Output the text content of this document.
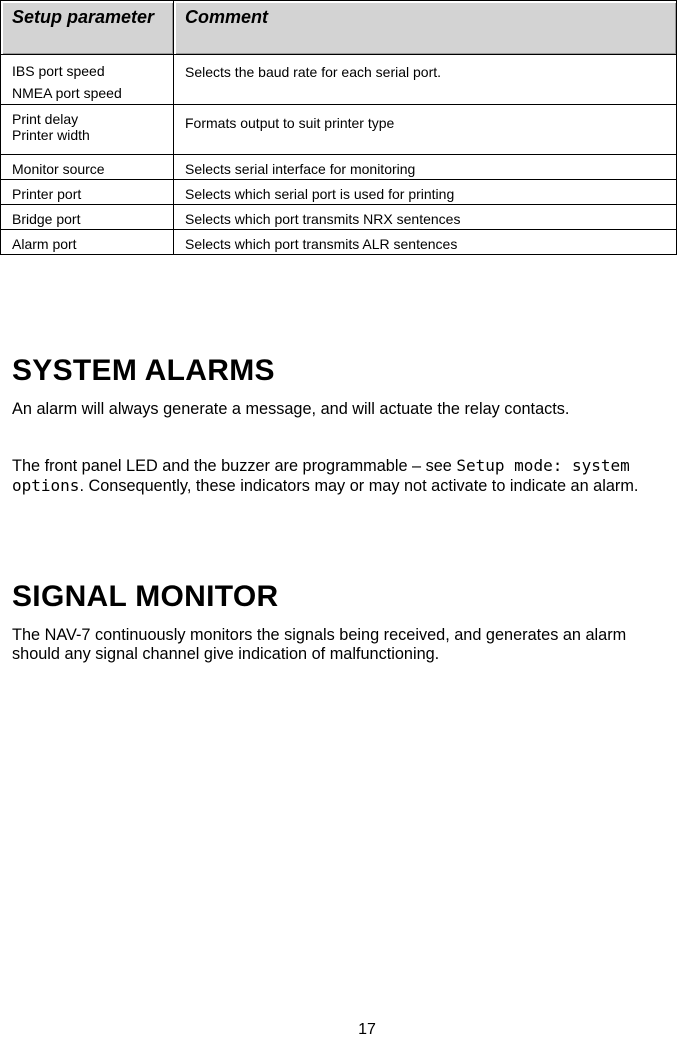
Setup parameter	Comment

IBS port speed
NMEA port speed	Selects the baud rate for each serial port.

Print delay
Printer width	Formats output to suit printer type

Monitor source	Selects serial interface for monitoring

Printer port	Selects which serial port is used for printing

Bridge port	Selects which port transmits NRX sentences

Alarm port	Selects which port transmits ALR sentences
SYSTEM ALARMS

An alarm will always generate a message, and will actuate the relay contacts.

The front panel LED and the buzzer are programmable – see Setup mode: system options. Consequently, these indicators may or may not activate to indicate an alarm.

SIGNAL MONITOR

The NAV-7 continuously monitors the signals being received, and generates an alarm should any signal channel give indication of malfunctioning.

17
